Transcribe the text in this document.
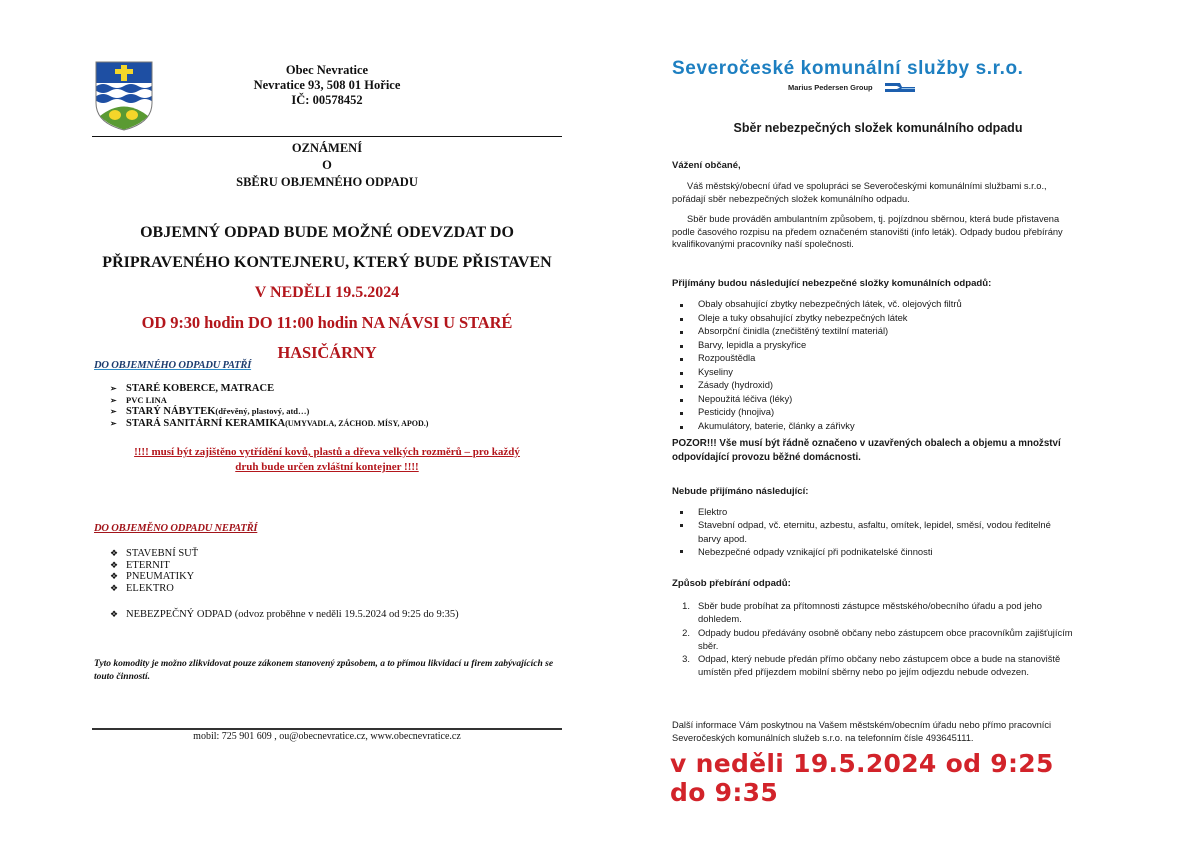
Obec Nevratice
Nevratice 93, 508 01 Hořice
IČ: 00578452
OZNÁMENÍ
O
SBĚRU OBJEMNÉHO ODPADU
OBJEMNÝ ODPAD BUDE MOŽNÉ ODEVZDAT DO
PŘIPRAVENÉHO KONTEJNERU, KTERÝ BUDE PŘISTAVEN
V NEDĚLI 19.5.2024
OD 9:30 hodin DO 11:00 hodin NA NÁVSI U STARÉ HASIČÁRNY
DO OBJEMNÉHO ODPADU PATŘÍ
➢ STARÉ KOBERCE, MATRACE
➢	PVC LINA
➢ STARÝ NÁBYTEK (dřevěný, plastový, atd…)
➢ STARÁ SANITÁRNÍ KERAMIKA (UMYVADLA, ZÁCHOD. MÍSY, APOD.)
!!!! musí být zajištěno vytřídění kovů, plastů a dřeva velkých rozměrů – pro každý
druh bude určen zvláštní kontejner !!!!
DO OBJEMĚNO ODPADU NEPATŘÍ
❖ STAVEBNÍ SUŤ
❖ ETERNIT
❖ PNEUMATIKY
❖ ELEKTRO
❖ NEBEZPEČNÝ ODPAD (odvoz proběhne v neděli 19.5.2024 od 9:25 do 9:35)
Tyto komodity je možno zlikvidovat pouze zákonem stanovený způsobem, a to přímou likvidací u firem zabývajících se touto činností.
mobil: 725 901 609 , ou@obecnevratice.cz, www.obecnevratice.cz
Severočeské komunální služby s.r.o.
Marius Pedersen Group
Sběr nebezpečných složek komunálního odpadu
Vážení občané,
Váš městský/obecní úřad ve spolupráci se Severočeskými komunálními službami s.r.o., pořádají sběr nebezpečných složek komunálního odpadu.
Sběr bude prováděn ambulantním způsobem, tj. pojízdnou sběrnou, která bude přistavena podle časového rozpisu na předem označeném stanovišti (info leták). Odpady budou přebírány kvalifikovanými pracovníky naší společnosti.
Přijímány budou následující nebezpečné složky komunálních odpadů:
Obaly obsahující zbytky nebezpečných látek, vč. olejových filtrů
Oleje a tuky obsahující zbytky nebezpečných látek
Absorpční činidla (znečištěný textilní materiál)
Barvy, lepidla a pryskyřice
Rozpouštědla
Kyseliny
Zásady (hydroxid)
Nepoužitá léčiva (léky)
Pesticidy (hnojiva)
Akumulátory, baterie, články a zářivky
POZOR!!! Vše musí být řádně označeno v uzavřených obalech a objemu a množství odpovídající provozu běžné domácnosti.
Nebude přijímáno následující:
Elektro
Stavební odpad, vč. eternitu, azbestu, asfaltu, omítek, lepidel, směsí, vodou ředitelné barvy apod.
Nebezpečné odpady vznikající při podnikatelské činnosti
Způsob přebírání odpadů:
1. Sběr bude probíhat za přítomnosti zástupce městského/obecního úřadu a pod jeho dohledem.
2. Odpady budou předávány osobně občany nebo zástupcem obce pracovníkům zajišťujícím sběr.
3. Odpad, který nebude předán přímo občany nebo zástupcem obce a bude na stanoviště umístěn před příjezdem mobilní sběrny nebo po jejím odjezdu nebude odvezen.
Další informace Vám poskytnou na Vašem městském/obecním úřadu nebo přímo pracovníci Severočeských komunálních služeb s.r.o. na telefonním čísle 493645111.
v neděli 19.5.2024 od 9:25 do 9:35
